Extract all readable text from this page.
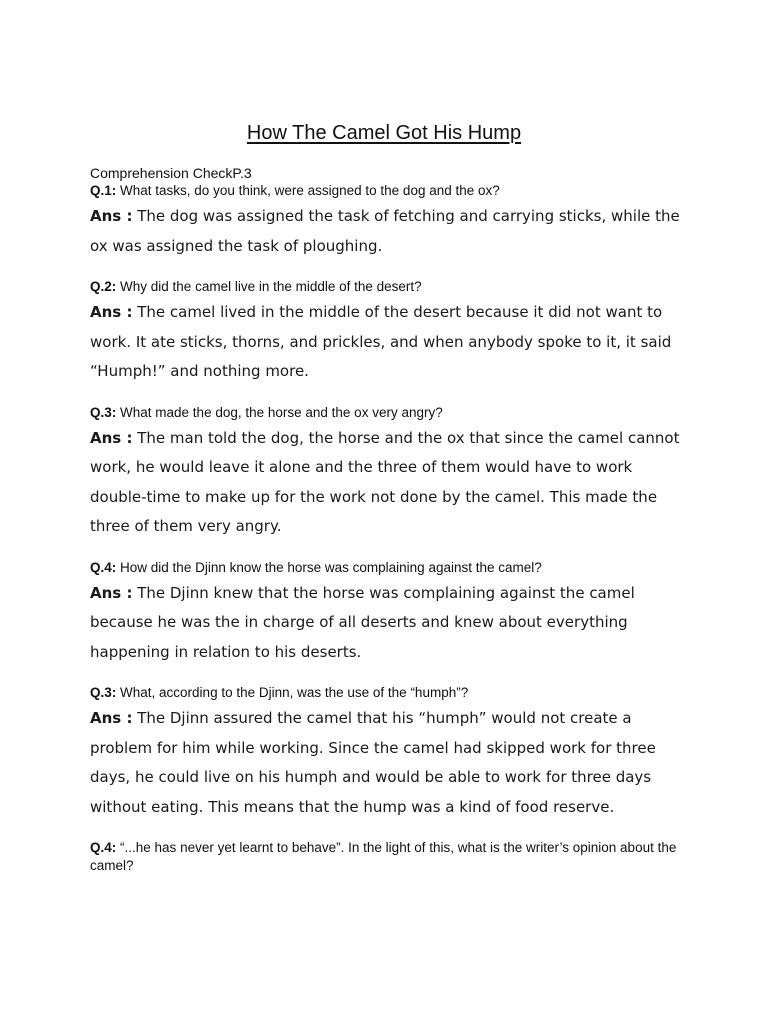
How The Camel Got His Hump
Comprehension CheckP.3

Q.1: What tasks, do you think, were assigned to the dog and the ox?

Ans : The dog was assigned the task of fetching and carrying sticks, while the ox was assigned the task of ploughing.

Q.2: Why did the camel live in the middle of the desert?

Ans : The camel lived in the middle of the desert because it did not want to work. It ate sticks, thorns, and prickles, and when anybody spoke to it, it said “Humph!” and nothing more.

Q.3: What made the dog, the horse and the ox very angry?

Ans : The man told the dog, the horse and the ox that since the camel cannot work, he would leave it alone and the three of them would have to work double-time to make up for the work not done by the camel. This made the three of them very angry.

Q.4: How did the Djinn know the horse was complaining against the camel?

Ans : The Djinn knew that the horse was complaining against the camel because he was the in charge of all deserts and knew about everything happening in relation to his deserts.

Q.3: What, according to the Djinn, was the use of the “humph”?

Ans : The Djinn assured the camel that his “humph” would not create a problem for him while working. Since the camel had skipped work for three days, he could live on his humph and would be able to work for three days without eating. This means that the hump was a kind of food reserve.

Q.4: “...he has never yet learnt to behave”. In the light of this, what is the writer’s opinion about the camel?
